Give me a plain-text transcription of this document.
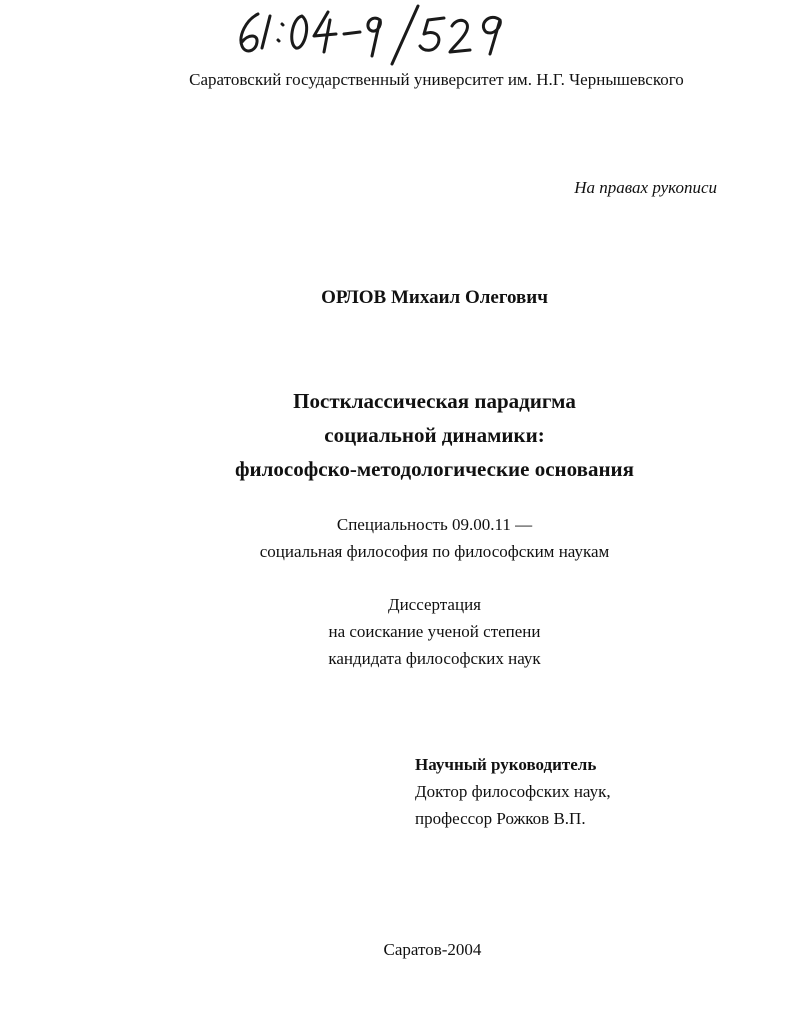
Саратовский государственный университет им. Н.Г. Чернышевского
На правах рукописи
ОРЛОВ Михаил Олегович
Постклассическая парадигма
социальной динамики:
философско-методологические основания
Специальность 09.00.11 —
социальная философия по философским наукам
Диссертация
на соискание ученой степени
кандидата философских наук
Научный руководитель
Доктор философских наук,
профессор Рожков В.П.
Саратов-2004
